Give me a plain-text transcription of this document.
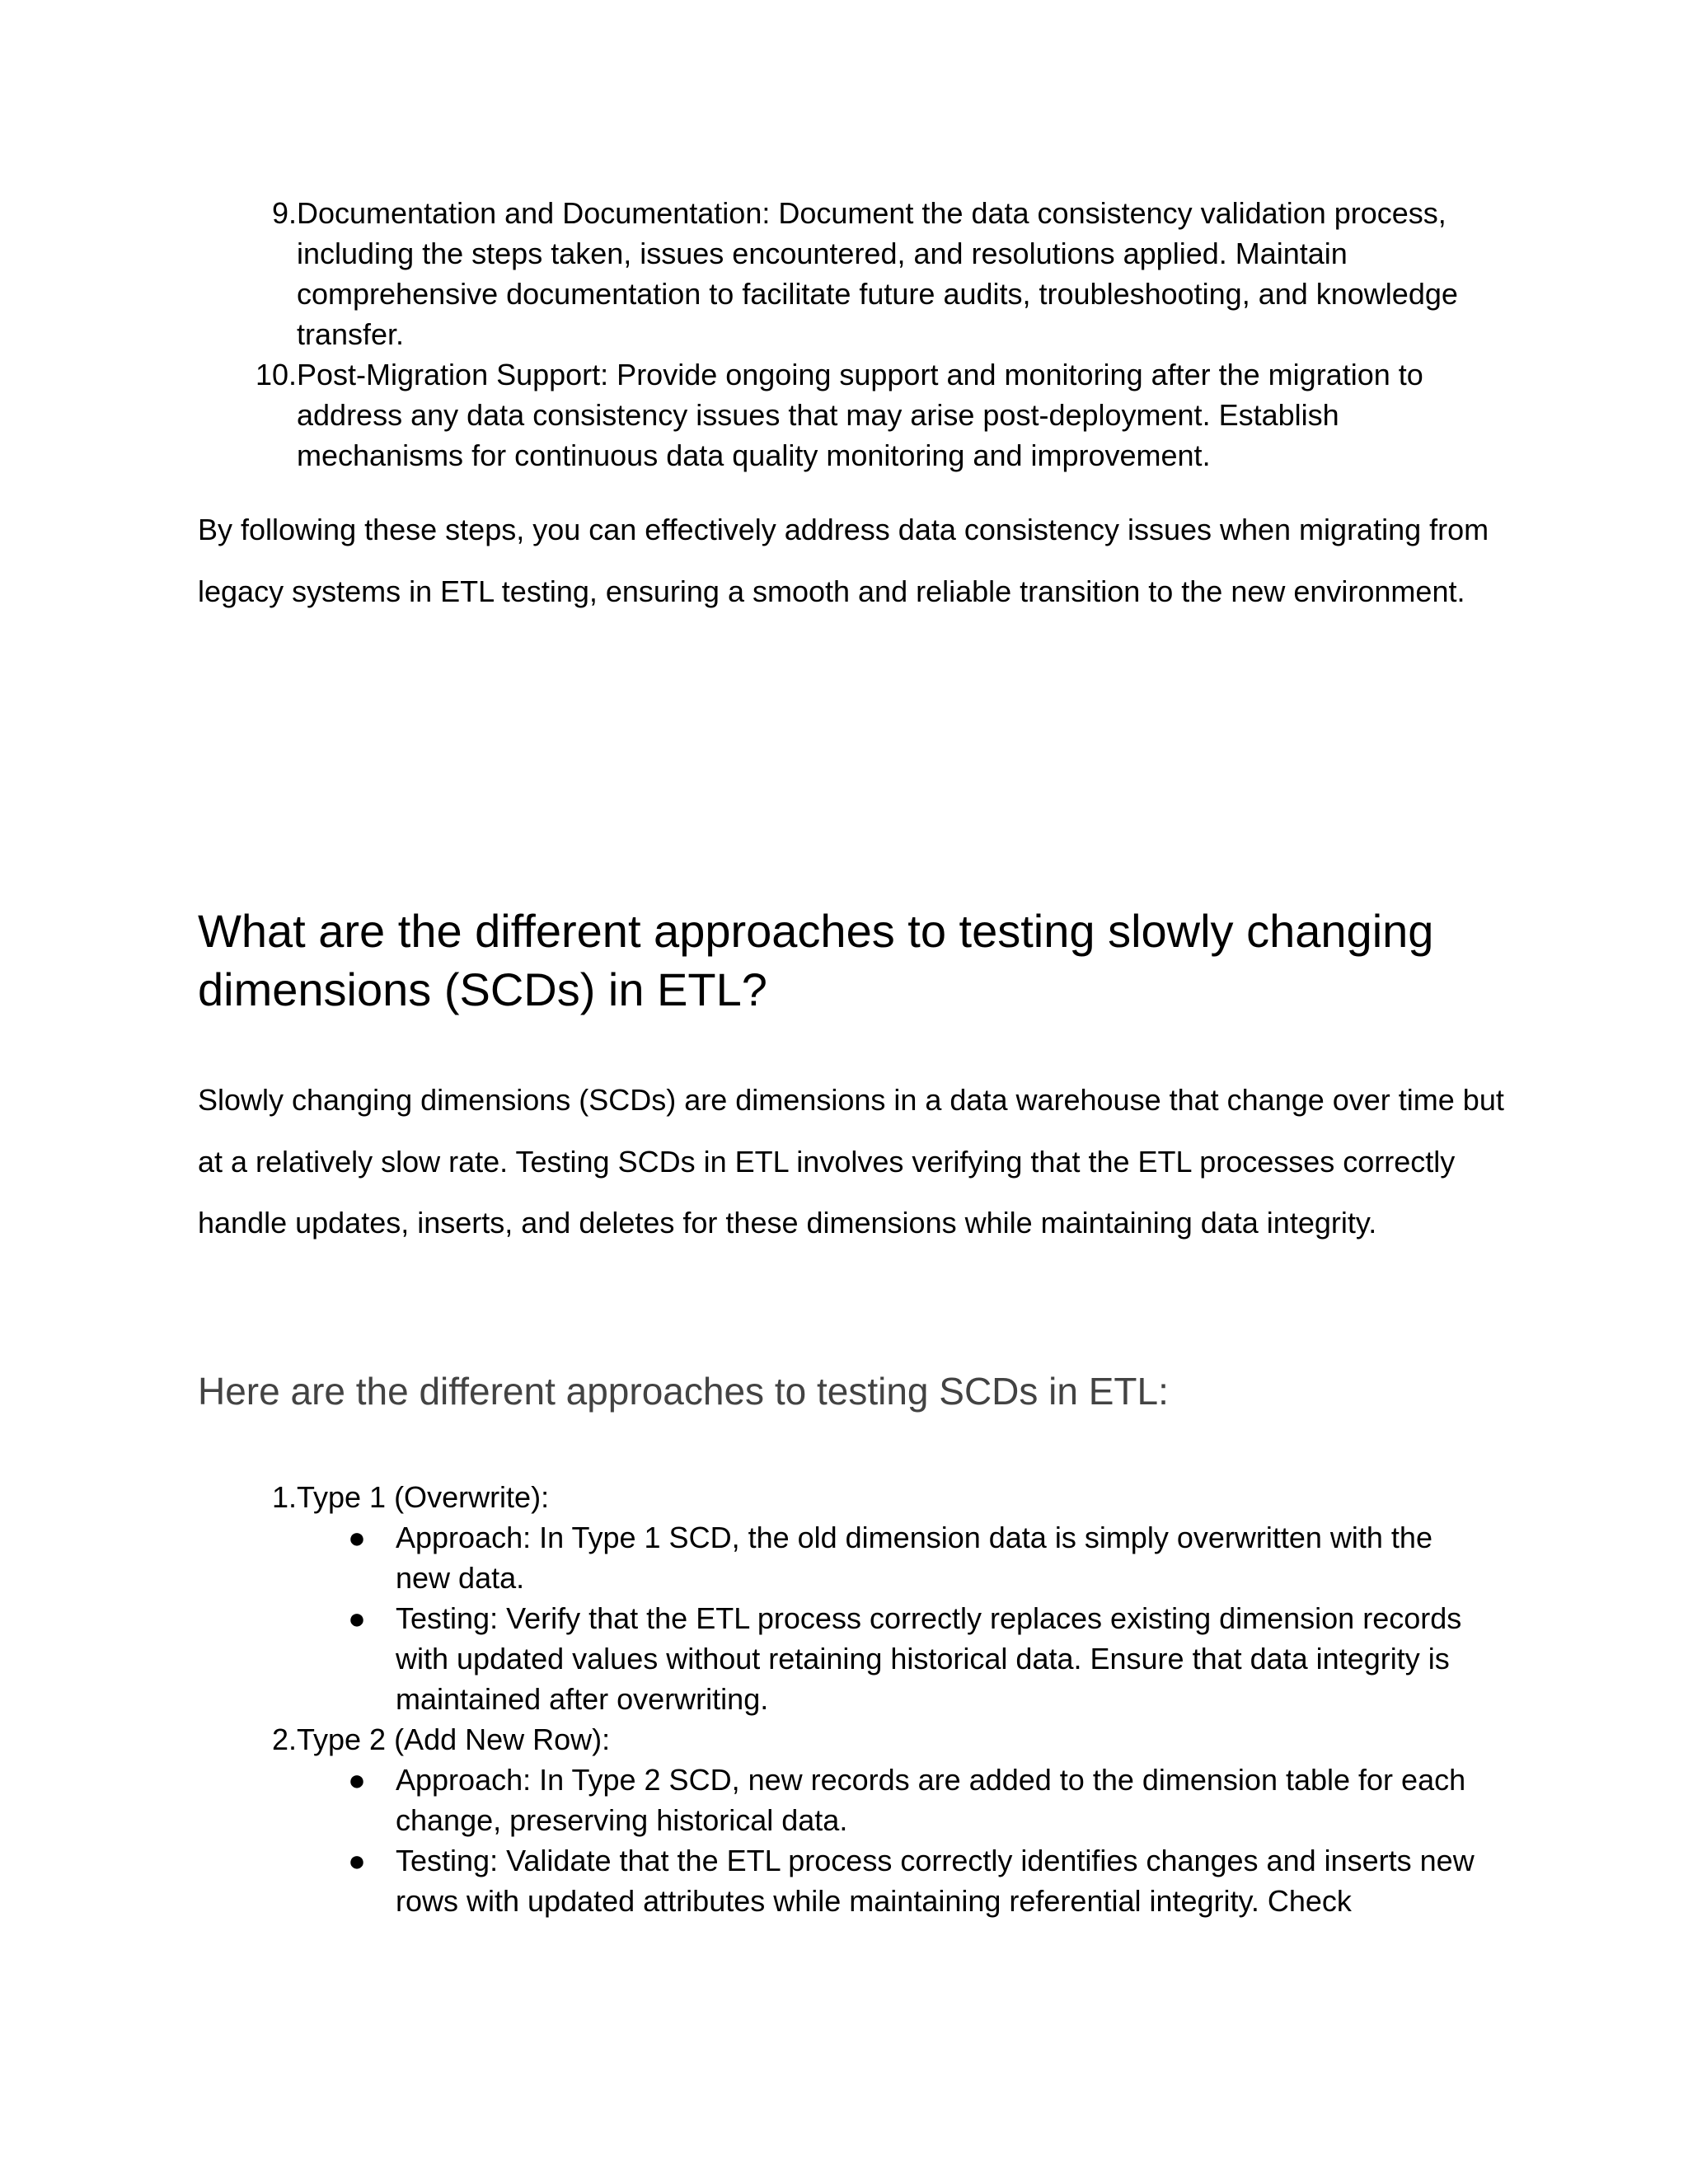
9. Documentation and Documentation: Document the data consistency validation process, including the steps taken, issues encountered, and resolutions applied. Maintain comprehensive documentation to facilitate future audits, troubleshooting, and knowledge transfer.
10. Post-Migration Support: Provide ongoing support and monitoring after the migration to address any data consistency issues that may arise post-deployment. Establish mechanisms for continuous data quality monitoring and improvement.
By following these steps, you can effectively address data consistency issues when migrating from legacy systems in ETL testing, ensuring a smooth and reliable transition to the new environment.
What are the different approaches to testing slowly changing dimensions (SCDs) in ETL?
Slowly changing dimensions (SCDs) are dimensions in a data warehouse that change over time but at a relatively slow rate. Testing SCDs in ETL involves verifying that the ETL processes correctly handle updates, inserts, and deletes for these dimensions while maintaining data integrity.
Here are the different approaches to testing SCDs in ETL:
1. Type 1 (Overwrite):
● Approach: In Type 1 SCD, the old dimension data is simply overwritten with the new data.
● Testing: Verify that the ETL process correctly replaces existing dimension records with updated values without retaining historical data. Ensure that data integrity is maintained after overwriting.
2. Type 2 (Add New Row):
● Approach: In Type 2 SCD, new records are added to the dimension table for each change, preserving historical data.
● Testing: Validate that the ETL process correctly identifies changes and inserts new rows with updated attributes while maintaining referential integrity. Check
